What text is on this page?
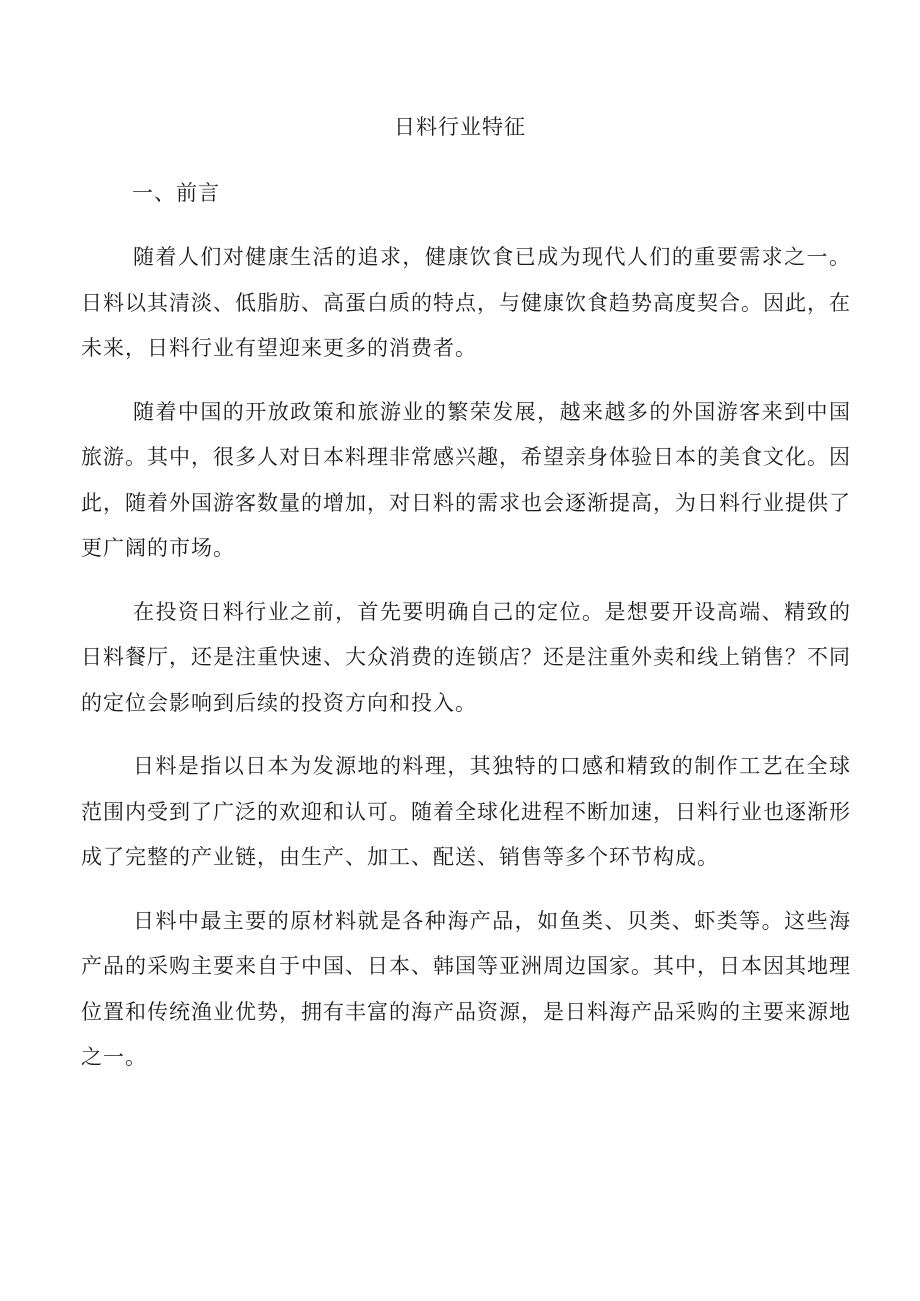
日料行业特征
一、前言

随着人们对健康生活的追求，健康饮食已成为现代人们的重要需求之一。日料以其清淡、低脂肪、高蛋白质的特点，与健康饮食趋势高度契合。因此，在未来，日料行业有望迎来更多的消费者。

随着中国的开放政策和旅游业的繁荣发展，越来越多的外国游客来到中国旅游。其中，很多人对日本料理非常感兴趣，希望亲身体验日本的美食文化。因此，随着外国游客数量的增加，对日料的需求也会逐渐提高，为日料行业提供了更广阔的市场。

在投资日料行业之前，首先要明确自己的定位。是想要开设高端、精致的日料餐厅，还是注重快速、大众消费的连锁店？还是注重外卖和线上销售？不同的定位会影响到后续的投资方向和投入。

日料是指以日本为发源地的料理，其独特的口感和精致的制作工艺在全球范围内受到了广泛的欢迎和认可。随着全球化进程不断加速，日料行业也逐渐形成了完整的产业链，由生产、加工、配送、销售等多个环节构成。

日料中最主要的原材料就是各种海产品，如鱼类、贝类、虾类等。这些海产品的采购主要来自于中国、日本、韩国等亚洲周边国家。其中，日本因其地理位置和传统渔业优势，拥有丰富的海产品资源，是日料海产品采购的主要来源地之一。
